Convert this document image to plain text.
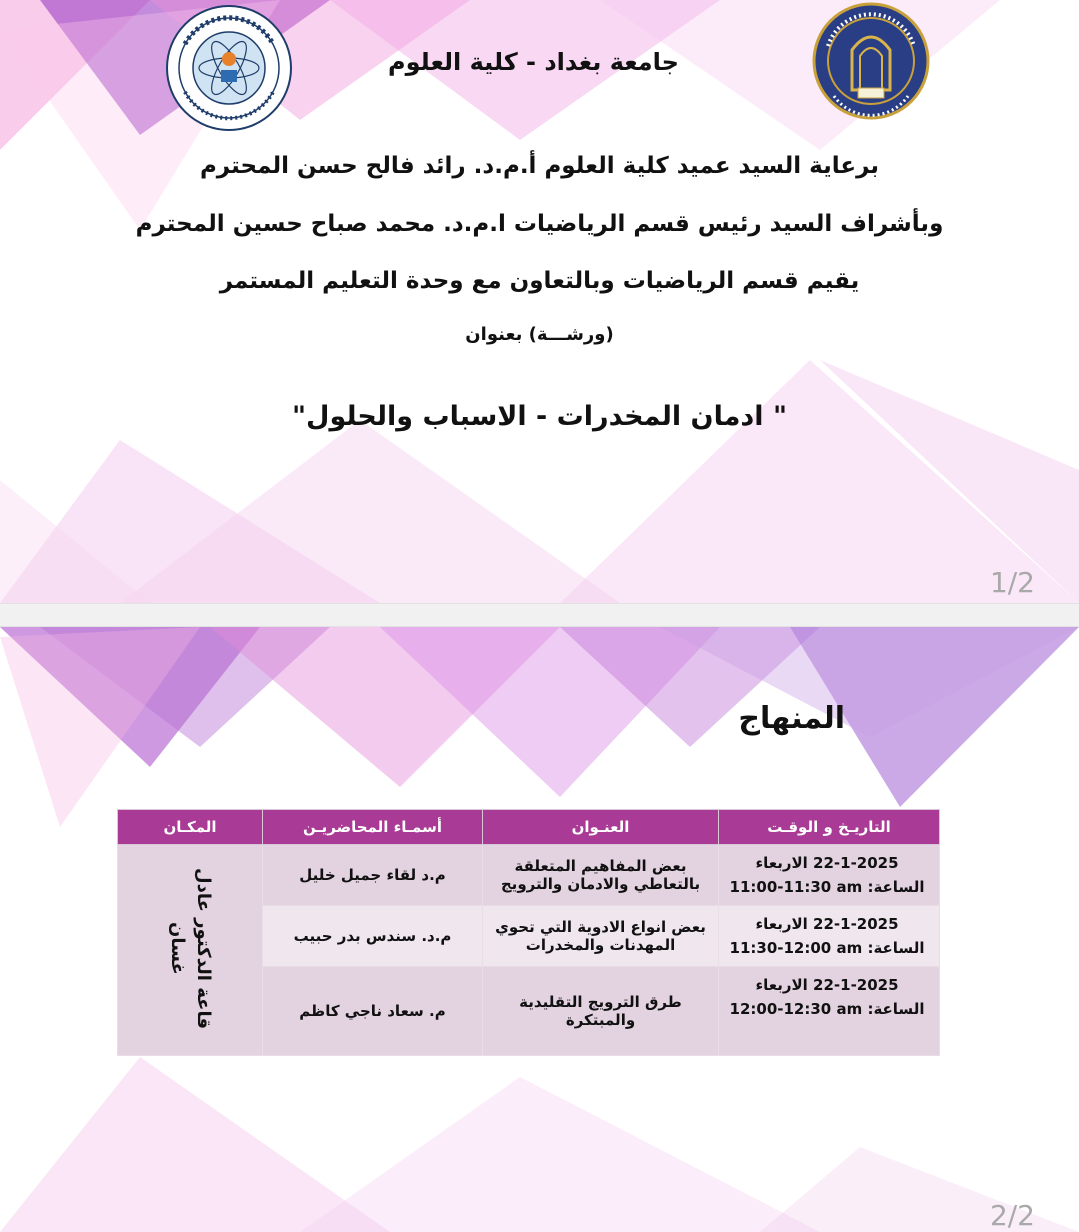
جامعة بغداد - كلية العلوم
برعاية السيد عميد كلية العلوم أ.م.د. رائد فالح حسن المحترم
وبأشراف السيد رئيس قسم الرياضيات ا.م.د. محمد صباح حسين المحترم
يقيم قسم الرياضيات وبالتعاون مع وحدة التعليم المستمر
(ورشـــة) بعنوان
" ادمان المخدرات - الاسباب والحلول"
1/2
المنهاج
التاريـخ و الوقـت	العنـوان	أسمـاء المحاضريـن	المكـان

22-1-2025 الاربعاء
الساعة: 11:00-11:30 am	بعض المفاهيم المتعلقة بالتعاطي والادمان والترويج	م.د لقاء جميل خليل	قاعة الدكتور عادل غسان

22-1-2025 الاربعاء
الساعة: 11:30-12:00 am	بعض انواع الادوية التي تحوي المهدنات والمخدرات	م.د. سندس بدر حبيب	

22-1-2025 الاربعاء
الساعة: 12:00-12:30 am	طرق الترويج التقليدية والمبتكرة	م. سعاد ناجي كاظم	
2/2
